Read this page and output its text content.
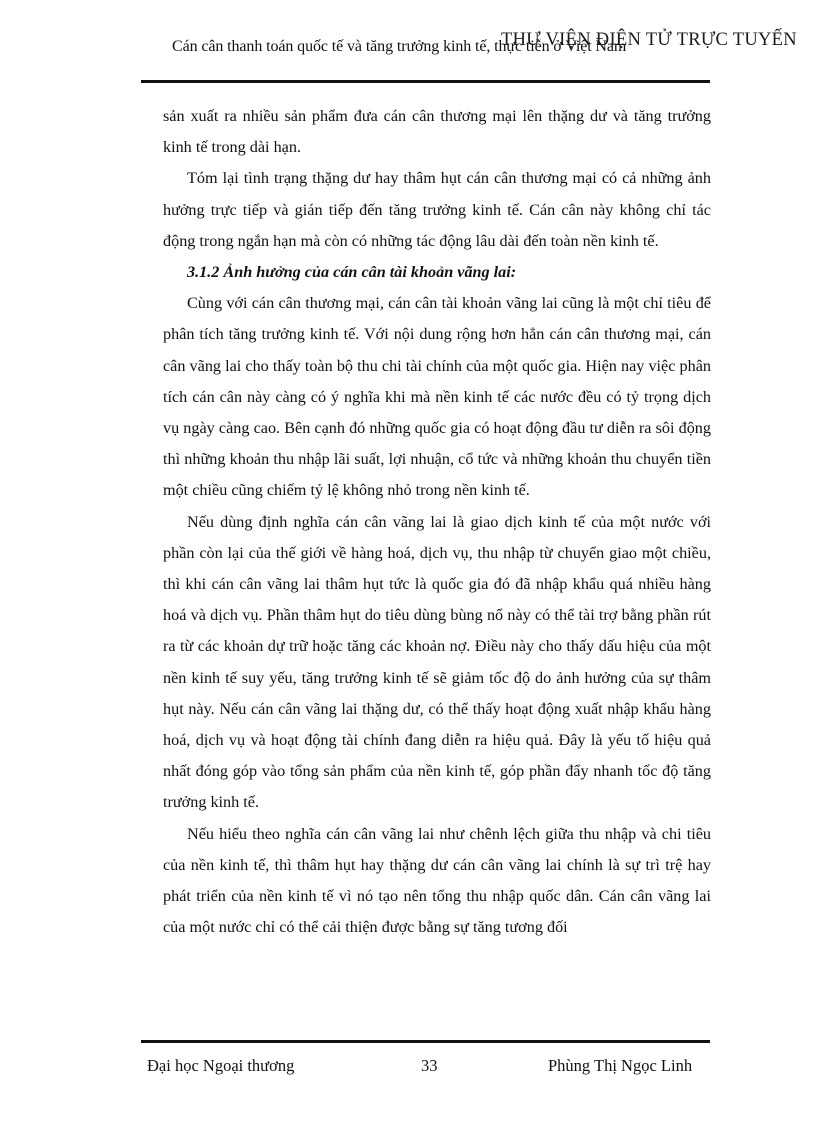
Cán cân thanh toán quốc tế và tăng trưởng kinh tế, thực tiễn ở Việt Nam
THƯ VIỆN ĐIỆN TỬ TRỰC TUYẾN

sản xuất ra nhiều sản phẩm đưa cán cân thương mại lên thặng dư và tăng trưởng kinh tế trong dài hạn.

Tóm lại tình trạng thặng dư hay thâm hụt cán cân thương mại có cả những ảnh hưởng trực tiếp và gián tiếp đến tăng trưởng kinh tế. Cán cân này không chỉ tác động trong ngắn hạn mà còn có những tác động lâu dài đến toàn nền kinh tế.

3.1.2 Ảnh hưởng của cán cân tài khoản vãng lai:

Cùng với cán cân thương mại, cán cân tài khoản vãng lai cũng là một chỉ tiêu để phân tích tăng trưởng kinh tế. Với nội dung rộng hơn hẳn cán cân thương mại, cán cân vãng lai cho thấy toàn bộ thu chi tài chính của một quốc gia. Hiện nay việc phân tích cán cân này càng có ý nghĩa khi mà nền kinh tế các nước đều có tỷ trọng dịch vụ ngày càng cao. Bên cạnh đó những quốc gia có hoạt động đầu tư diễn ra sôi động thì những khoản thu nhập lãi suất, lợi nhuận, cổ tức và những khoản thu chuyển tiền một chiều cũng chiếm tỷ lệ không nhỏ trong nền kinh tế.

Nếu dùng định nghĩa cán cân vãng lai là giao dịch kinh tế của một nước với phần còn lại của thế giới về hàng hoá, dịch vụ, thu nhập từ chuyển giao một chiều, thì khi cán cân vãng lai thâm hụt tức là quốc gia đó đã nhập khẩu quá nhiều hàng hoá và dịch vụ. Phần thâm hụt do tiêu dùng bùng nổ này có thể tài trợ bằng phần rút ra từ các khoản dự trữ hoặc tăng các khoản nợ. Điều này cho thấy dấu hiệu của một nền kinh tế suy yếu, tăng trưởng kinh tế sẽ giảm tốc độ do ảnh hưởng của sự thâm hụt này. Nếu cán cân vãng lai thặng dư, có thể thấy hoạt động xuất nhập khẩu hàng hoá, dịch vụ và hoạt động tài chính đang diễn ra hiệu quả. Đây là yếu tố hiệu quả nhất đóng góp vào tổng sản phẩm của nền kinh tế, góp phần đẩy nhanh tốc độ tăng trưởng kinh tế.

Nếu hiểu theo nghĩa cán cân vãng lai như chênh lệch giữa thu nhập và chi tiêu của nền kinh tế, thì thâm hụt hay thặng dư cán cân vãng lai chính là sự trì trệ hay phát triển của nền kinh tế vì nó tạo nên tổng thu nhập quốc dân. Cán cân vãng lai của một nước chỉ có thể cải thiện được bằng sự tăng tương đối

Đại học Ngoại thương	33	Phùng Thị Ngọc Linh
